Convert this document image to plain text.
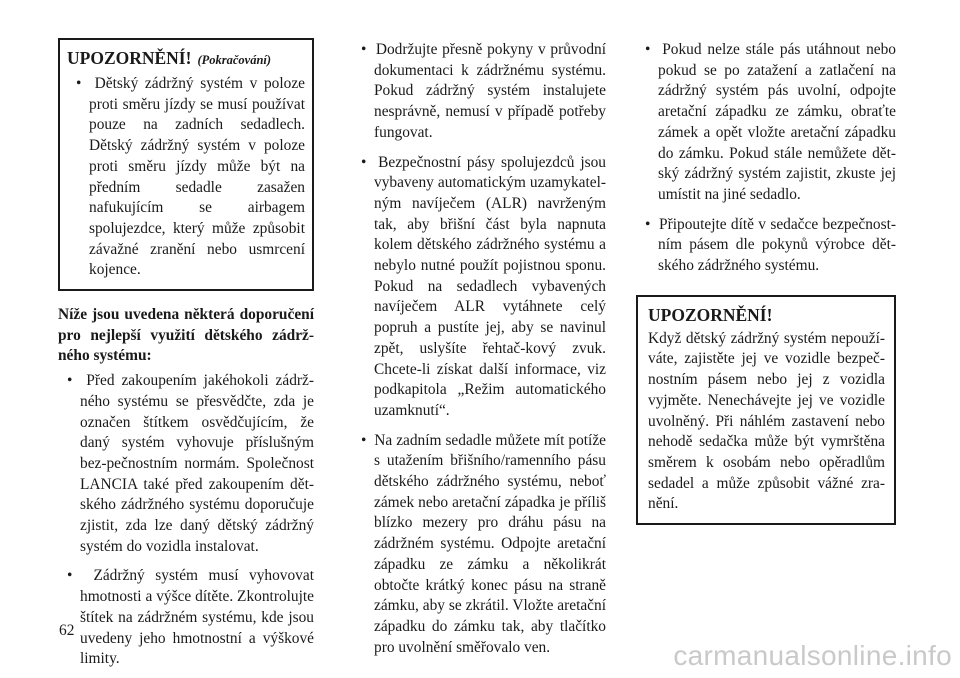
UPOZORNĚNÍ! (Pokračování)
•  Dětský zádržný systém v poloze proti směru jízdy se musí používat pouze na zadních sedadlech. Dětský zádržný systém v poloze proti směru jízdy může být na předním sedadle zasažen nafukujícím se airbagem spolujezdce, který může způsobit závažné zranění nebo usmrcení kojence.
Níže jsou uvedena některá doporučení pro nejlepší využití dětského zádrž-ného systému:
•  Před zakoupením jakéhokoli zádrž-ného systému se přesvědčte, zda je označen štítkem osvědčujícím, že daný systém vyhovuje příslušným bez-pečnostním normám. Společnost LANCIA také před zakoupením dět-ského zádržného systému doporučuje zjistit, zda lze daný dětský zádržný systém do vozidla instalovat.
•  Zádržný systém musí vyhovovat hmotnosti a výšce dítěte. Zkontrolujte štítek na zádržném systému, kde jsou uvedeny jeho hmotnostní a výškové limity.
•  Dodržujte přesně pokyny v průvodní dokumentaci k zádržnému systému. Pokud zádržný systém instalujete nesprávně, nemusí v případě potřeby fungovat.
•  Bezpečnostní pásy spolujezdců jsou vybaveny automatickým uzamykatel-ným navíječem (ALR) navrženým tak, aby břišní část byla napnuta kolem dětského zádržného systému a nebylo nutné použít pojistnou sponu. Pokud na sedadlech vybavených navíječem ALR vytáhnete celý popruh a pustíte jej, aby se navinul zpět, uslyšíte řehtač-kový zvuk. Chcete-li získat další informace, viz podkapitola „Režim automatického uzamknutí“.
•  Na zadním sedadle můžete mít potíže s utažením břišního/ramenního pásu dětského zádržného systému, neboť zámek nebo aretační západka je příliš blízko mezery pro dráhu pásu na zádržném systému. Odpojte aretační západku ze zámku a několikrát obtočte krátký konec pásu na straně zámku, aby se zkrátil. Vložte aretační západku do zámku tak, aby tlačítko pro uvolnění směřovalo ven.
•  Pokud nelze stále pás utáhnout nebo pokud se po zatažení a zatlačení na zádržný systém pás uvolní, odpojte aretační západku ze zámku, obraťte zámek a opět vložte aretační západku do zámku. Pokud stále nemůžete dět-ský zádržný systém zajistit, zkuste jej umístit na jiné sedadlo.
•  Připoutejte dítě v sedačce bezpečnost-ním pásem dle pokynů výrobce dět-ského zádržného systému.
UPOZORNĚNÍ!
Když dětský zádržný systém nepouží-váte, zajistěte jej ve vozidle bezpeč-nostním pásem nebo jej z vozidla vyjměte. Nenechávejte jej ve vozidle uvolněný. Při náhlém zastavení nebo nehodě sedačka může být vymrštěna směrem k osobám nebo opěradlům sedadel a může způsobit vážné zra-nění.
62
carmanualsonline.info
